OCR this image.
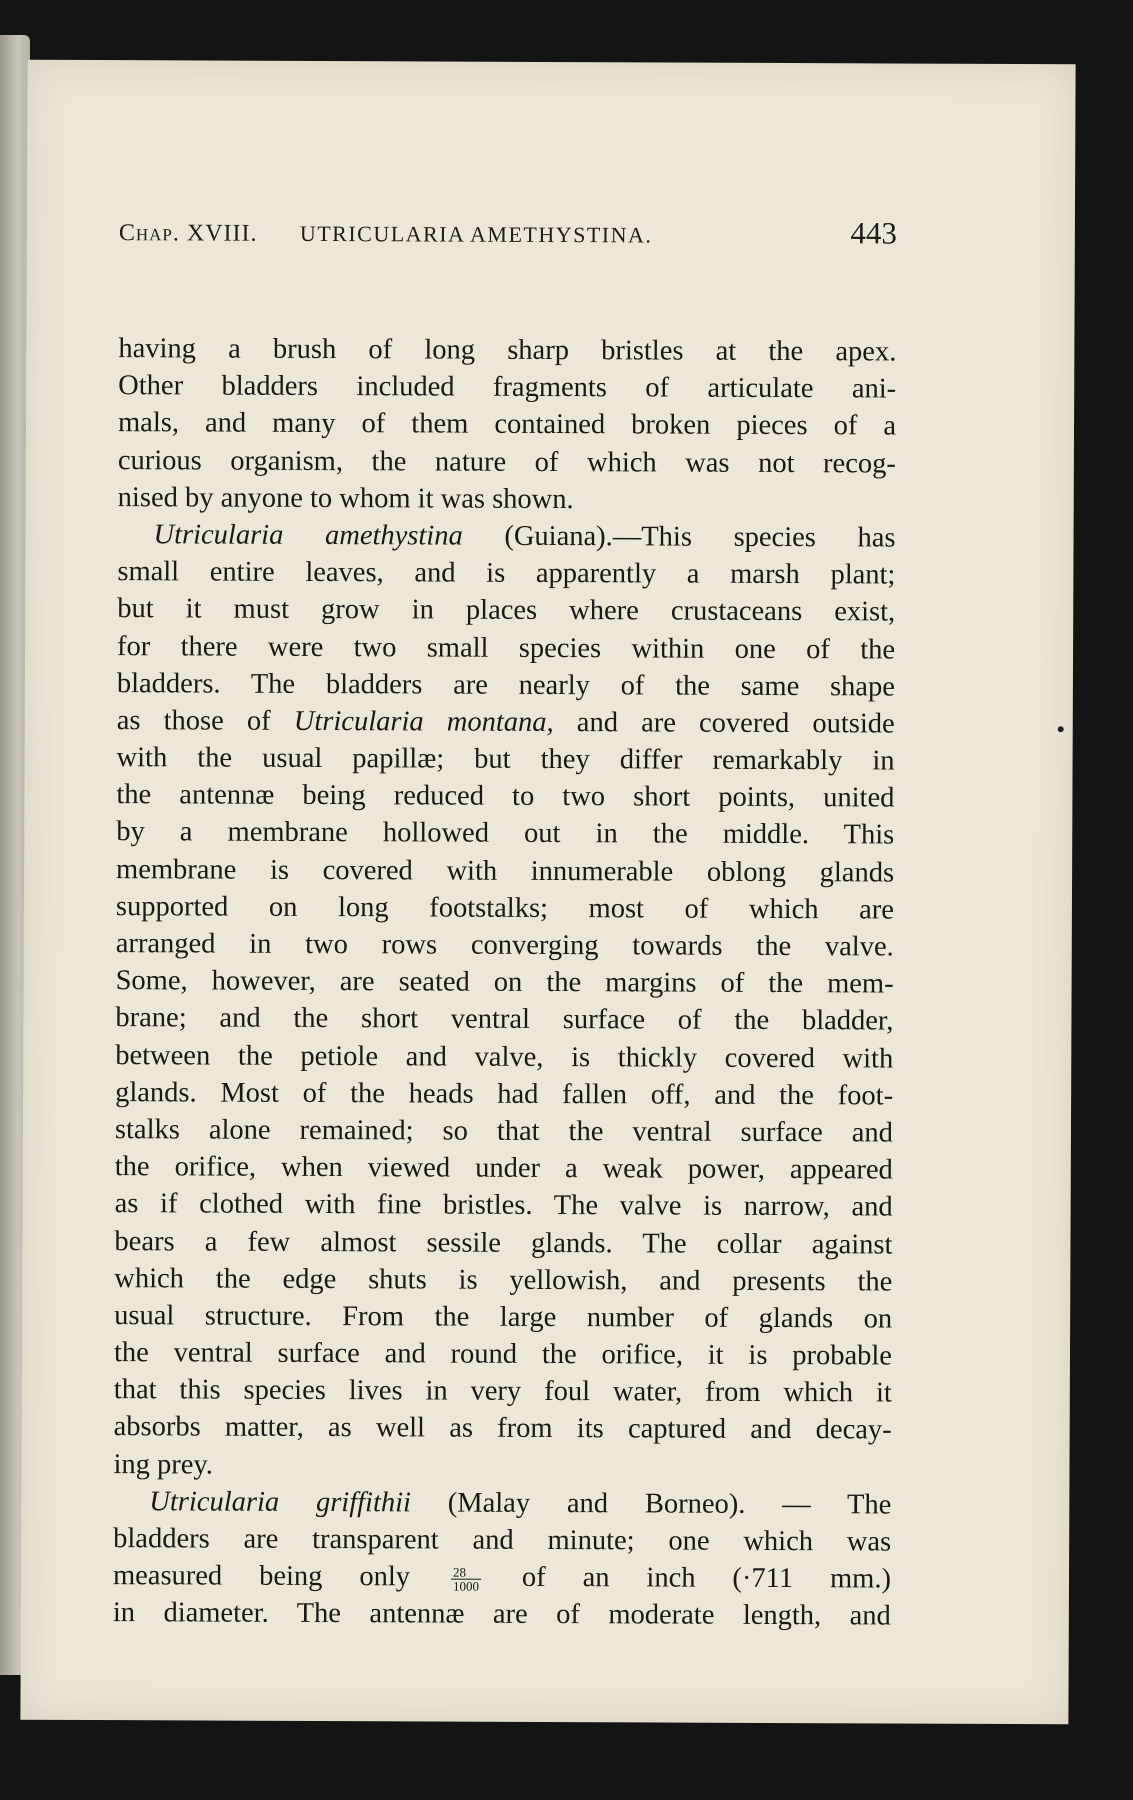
Chap. XVIII. UTRICULARIA AMETHYSTINA.	443
having a brush of long sharp bristles at the apex.
Other bladders included fragments of articulate ani-
mals, and many of them contained broken pieces of a
curious organism, the nature of which was not recog-
nised by anyone to whom it was shown.
Utricularia amethystina (Guiana).—This species has
small entire leaves, and is apparently a marsh plant;
but it must grow in places where crustaceans exist,
for there were two small species within one of the
bladders. The bladders are nearly of the same shape
as those of Utricularia montana, and are covered outside
with the usual papillæ; but they differ remarkably in
the antennæ being reduced to two short points, united
by a membrane hollowed out in the middle. This
membrane is covered with innumerable oblong glands
supported on long footstalks; most of which are
arranged in two rows converging towards the valve.
Some, however, are seated on the margins of the mem-
brane; and the short ventral surface of the bladder,
between the petiole and valve, is thickly covered with
glands. Most of the heads had fallen off, and the foot-
stalks alone remained; so that the ventral surface and
the orifice, when viewed under a weak power, appeared
as if clothed with fine bristles. The valve is narrow, and
bears a few almost sessile glands. The collar against
which the edge shuts is yellowish, and presents the
usual structure. From the large number of glands on
the ventral surface and round the orifice, it is probable
that this species lives in very foul water, from which it
absorbs matter, as well as from its captured and decay-
ing prey.
Utricularia griffithii (Malay and Borneo). — The
bladders are transparent and minute; one which was
measured being only $\frac{28}{1000}$ of an inch (·711 mm.)
in diameter. The antennæ are of moderate length, and
